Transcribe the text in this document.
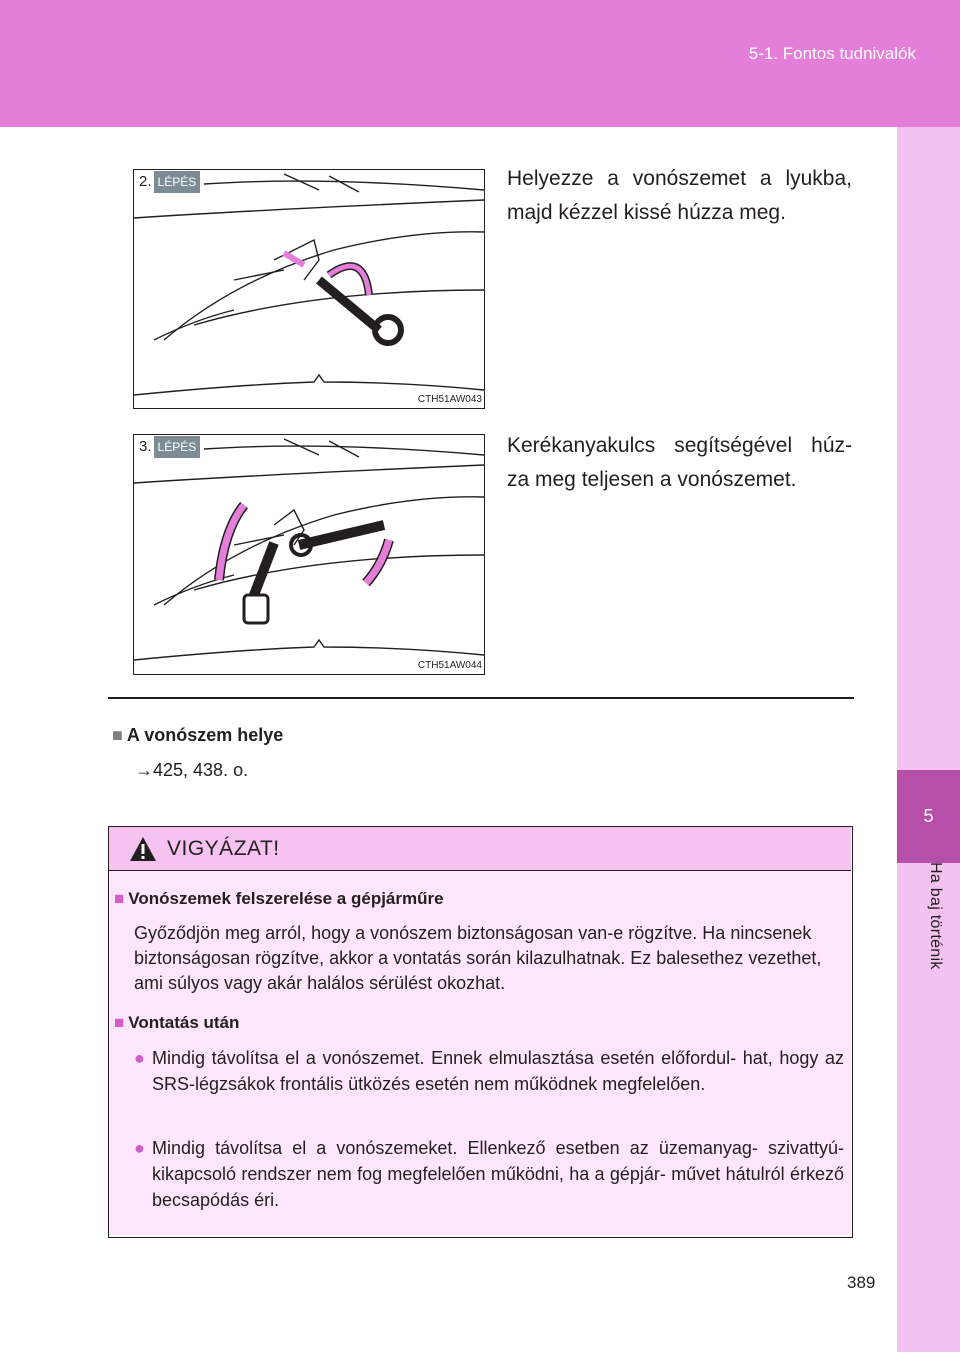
5-1. Fontos tudnivalók
5
Ha baj történik
2. LÉPÉS
CTH51AW043
Helyezze a vonószemet a lyukba, majd kézzel kissé húzza meg.
3. LÉPÉS
CTH51AW044
Kerékanyakulcs segítségével húz- za meg teljesen a vonószemet.
■ A vonószem helye
→425, 438. o.
VIGYÁZAT!
■ Vonószemek felszerelése a gépjárműre
Győződjön meg arról, hogy a vonószem biztonságosan van-e rögzítve. Ha nincsenek biztonságosan rögzítve, akkor a vontatás során kilazulhatnak. Ez balesethez vezethet, ami súlyos vagy akár halálos sérülést okozhat.
■ Vontatás után
● Mindig távolítsa el a vonószemet. Ennek elmulasztása esetén előfordul- hat, hogy az SRS-légzsákok frontális ütközés esetén nem működnek megfelelően.
● Mindig távolítsa el a vonószemeket. Ellenkező esetben az üzemanyag- szivattyú-kikapcsoló rendszer nem fog megfelelően működni, ha a gépjár- művet hátulról érkező becsapódás éri.
389
